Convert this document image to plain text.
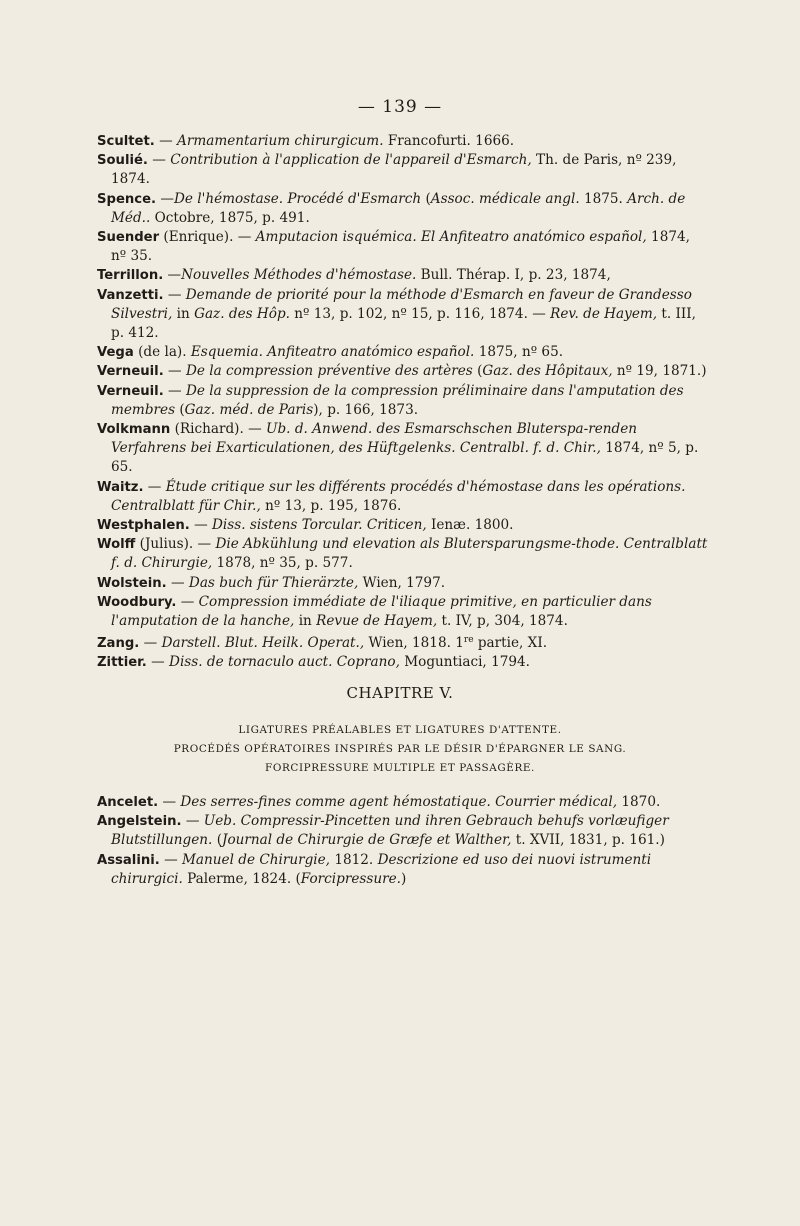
— 139 —

Scultet. — Armamentarium chirurgicum. Francofurti. 1666.

Soulié. — Contribution à l'application de l'appareil d'Esmarch, Th. de Paris, nº 239, 1874.

Spence. —De l'hémostase. Procédé d'Esmarch (Assoc. médicale angl. 1875. Arch. de Méd.. Octobre, 1875, p. 491.

Suender (Enrique). — Amputacion isquémica. El Anfiteatro anatómico español, 1874, nº 35.

Terrillon. —Nouvelles Méthodes d'hémostase. Bull. Thérap. I, p. 23, 1874,

Vanzetti. — Demande de priorité pour la méthode d'Esmarch en faveur de Grandesso Silvestri, in Gaz. des Hôp. nº 13, p. 102, nº 15, p. 116, 1874. — Rev. de Hayem, t. III, p. 412.

Vega (de la). Esquemia. Anfiteatro anatómico español. 1875, nº 65.

Verneuil. — De la compression préventive des artères (Gaz. des Hôpitaux, nº 19, 1871.)

Verneuil. — De la suppression de la compression préliminaire dans l'amputation des membres (Gaz. méd. de Paris), p. 166, 1873.

Volkmann (Richard). — Ub. d. Anwend. des Esmarschschen Bluterspa-renden Verfahrens bei Exarticulationen, des Hüftgelenks. Centralbl. f. d. Chir., 1874, nº 5, p. 65.

Waitz. — Étude critique sur les différents procédés d'hémostase dans les opérations. Centralblatt für Chir., nº 13, p. 195, 1876.

Westphalen. — Diss. sistens Torcular. Criticen, Ienæ. 1800.

Wolff (Julius). — Die Abkühlung und elevation als Blutersparungsme-thode. Centralblatt f. d. Chirurgie, 1878, nº 35, p. 577.

Wolstein. — Das buch für Thierärzte, Wien, 1797.

Woodbury. — Compression immédiate de l'iliaque primitive, en particulier dans l'amputation de la hanche, in Revue de Hayem, t. IV, p, 304, 1874.

Zang. — Darstell. Blut. Heilk. Operat., Wien, 1818. 1re partie, XI.

Zittier. — Diss. de tornaculo auct. Coprano, Moguntiaci, 1794.

CHAPITRE V.
LIGATURES PRÉALABLES ET LIGATURES D'ATTENTE.
PROCÉDÉS OPÉRATOIRES INSPIRÉS PAR LE DÉSIR D'ÉPARGNER LE SANG.
FORCIPRESSURE MULTIPLE ET PASSAGÈRE.

Ancelet. — Des serres-fines comme agent hémostatique. Courrier médical, 1870.

Angelstein. — Ueb. Compressir-Pincetten und ihren Gebrauch behufs vorlæufiger Blutstillungen. (Journal de Chirurgie de Græfe et Walther, t. XVII, 1831, p. 161.)

Assalini. — Manuel de Chirurgie, 1812. Descrizione ed uso dei nuovi istrumenti chirurgici. Palerme, 1824. (Forcipressure.)
